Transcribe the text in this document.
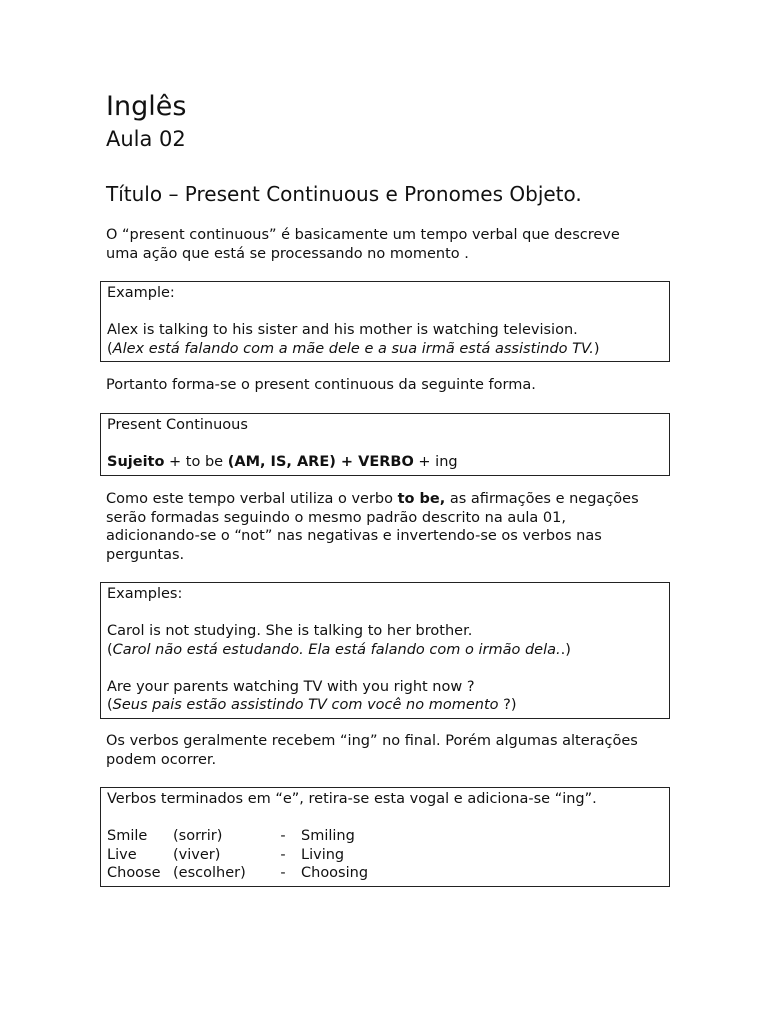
Inglês
Aula 02
Título – Present Continuous e Pronomes Objeto.

O “present continuous” é basicamente um tempo verbal que descreve
uma ação que está se processando no momento .

Example:
Alex is talking to his sister and his mother is watching television.
(Alex está falando com a mãe dele e a sua irmã está assistindo TV.)

Portanto forma-se o present continuous da seguinte forma.

Present Continuous
Sujeito + to be (AM, IS, ARE) + VERBO + ing

Como este tempo verbal utiliza o verbo to be, as afirmações e negações
serão formadas seguindo o mesmo padrão descrito na aula 01,
adicionando-se o “not” nas negativas e invertendo-se os verbos nas
perguntas.

Examples:
Carol is not studying. She is talking to her brother.
(Carol não está estudando. Ela está falando com o irmão dela..)
Are your parents watching TV with you right now ?
(Seus pais estão assistindo TV com você no momento ?)

Os verbos geralmente recebem “ing” no final. Porém algumas alterações
podem ocorrer.

Verbos terminados em “e”, retira-se esta vogal e adiciona-se “ing”.
Smile	(sorrir)	-	Smiling
Live	(viver)	-	Living
Choose (escolher)	-	Choosing
